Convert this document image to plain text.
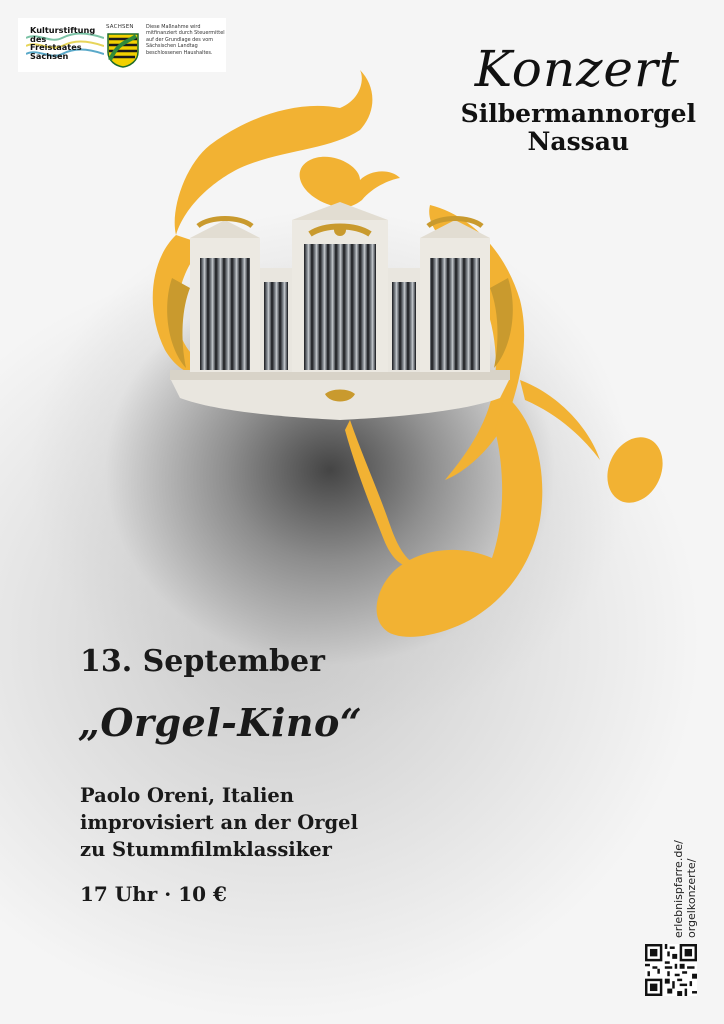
Kulturstiftung
des
Freistaates
Sachsen
SACHSEN	Diese Maßnahme wird
mitfinanziert durch Steuermittel
auf der Grundlage des vom
Sächsischen Landtag
beschlossenen Haushaltes.	Konzert
Silbermannorgel
Nassau
13. September
„Orgel-Kino“
Paolo Oreni, Italien
improvisiert an der Orgel
zu Stummfilmklassiker
17 Uhr · 10 €	erlebnispfarre.de/
orgelkonzerte/
